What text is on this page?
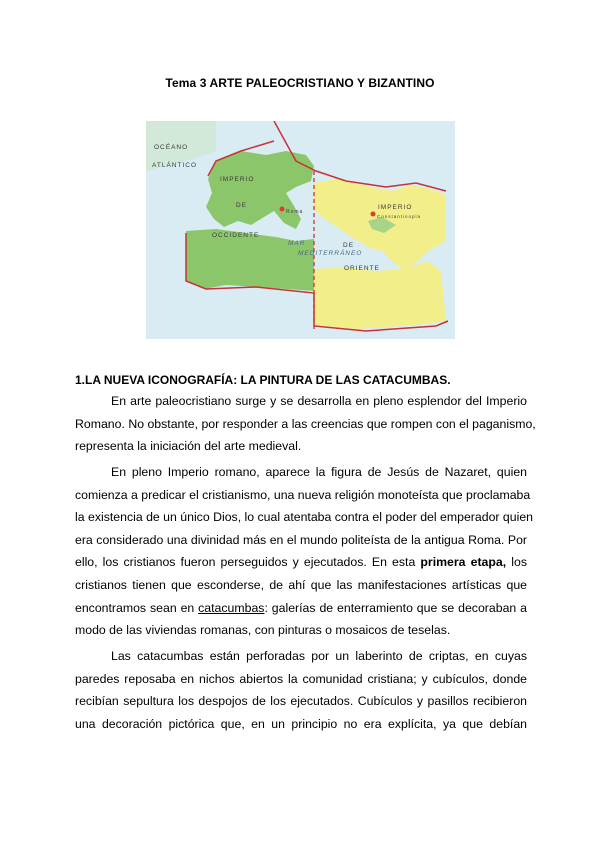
Tema 3 ARTE PALEOCRISTIANO Y BIZANTINO
OCÉANO
ATLÁNTICO
IMPERIO
DE
OCCIDENTE
Roma
IMPERIO
Constantinopla
DE
ORIENTE
MAR
MEDITERRÁNEO
1.LA NUEVA ICONOGRAFÍA: LA PINTURA DE LAS CATACUMBAS.
En arte paleocristiano surge y se desarrolla en pleno esplendor del Imperio
Romano. No obstante, por responder a las creencias que rompen con el paganismo,
representa la iniciación del arte medieval.
En pleno Imperio romano, aparece la figura de Jesús de Nazaret, quien
comienza a predicar el cristianismo, una nueva religión monoteísta que proclamaba
la existencia de un único Dios, lo cual atentaba contra el poder del emperador quien
era considerado una divinidad más en el mundo politeísta de la antigua Roma. Por
ello, los cristianos fueron perseguidos y ejecutados. En esta primera etapa, los
cristianos tienen que esconderse, de ahí que las manifestaciones artísticas que
encontramos sean en catacumbas: galerías de enterramiento que se decoraban a
modo de las viviendas romanas, con pinturas o mosaicos de teselas.
Las catacumbas están perforadas por un laberinto de criptas, en cuyas
paredes reposaba en nichos abiertos la comunidad cristiana; y cubículos, donde
recibían sepultura los despojos de los ejecutados. Cubículos y pasillos recibieron
una decoración pictórica que, en un principio no era explícita, ya que debían
